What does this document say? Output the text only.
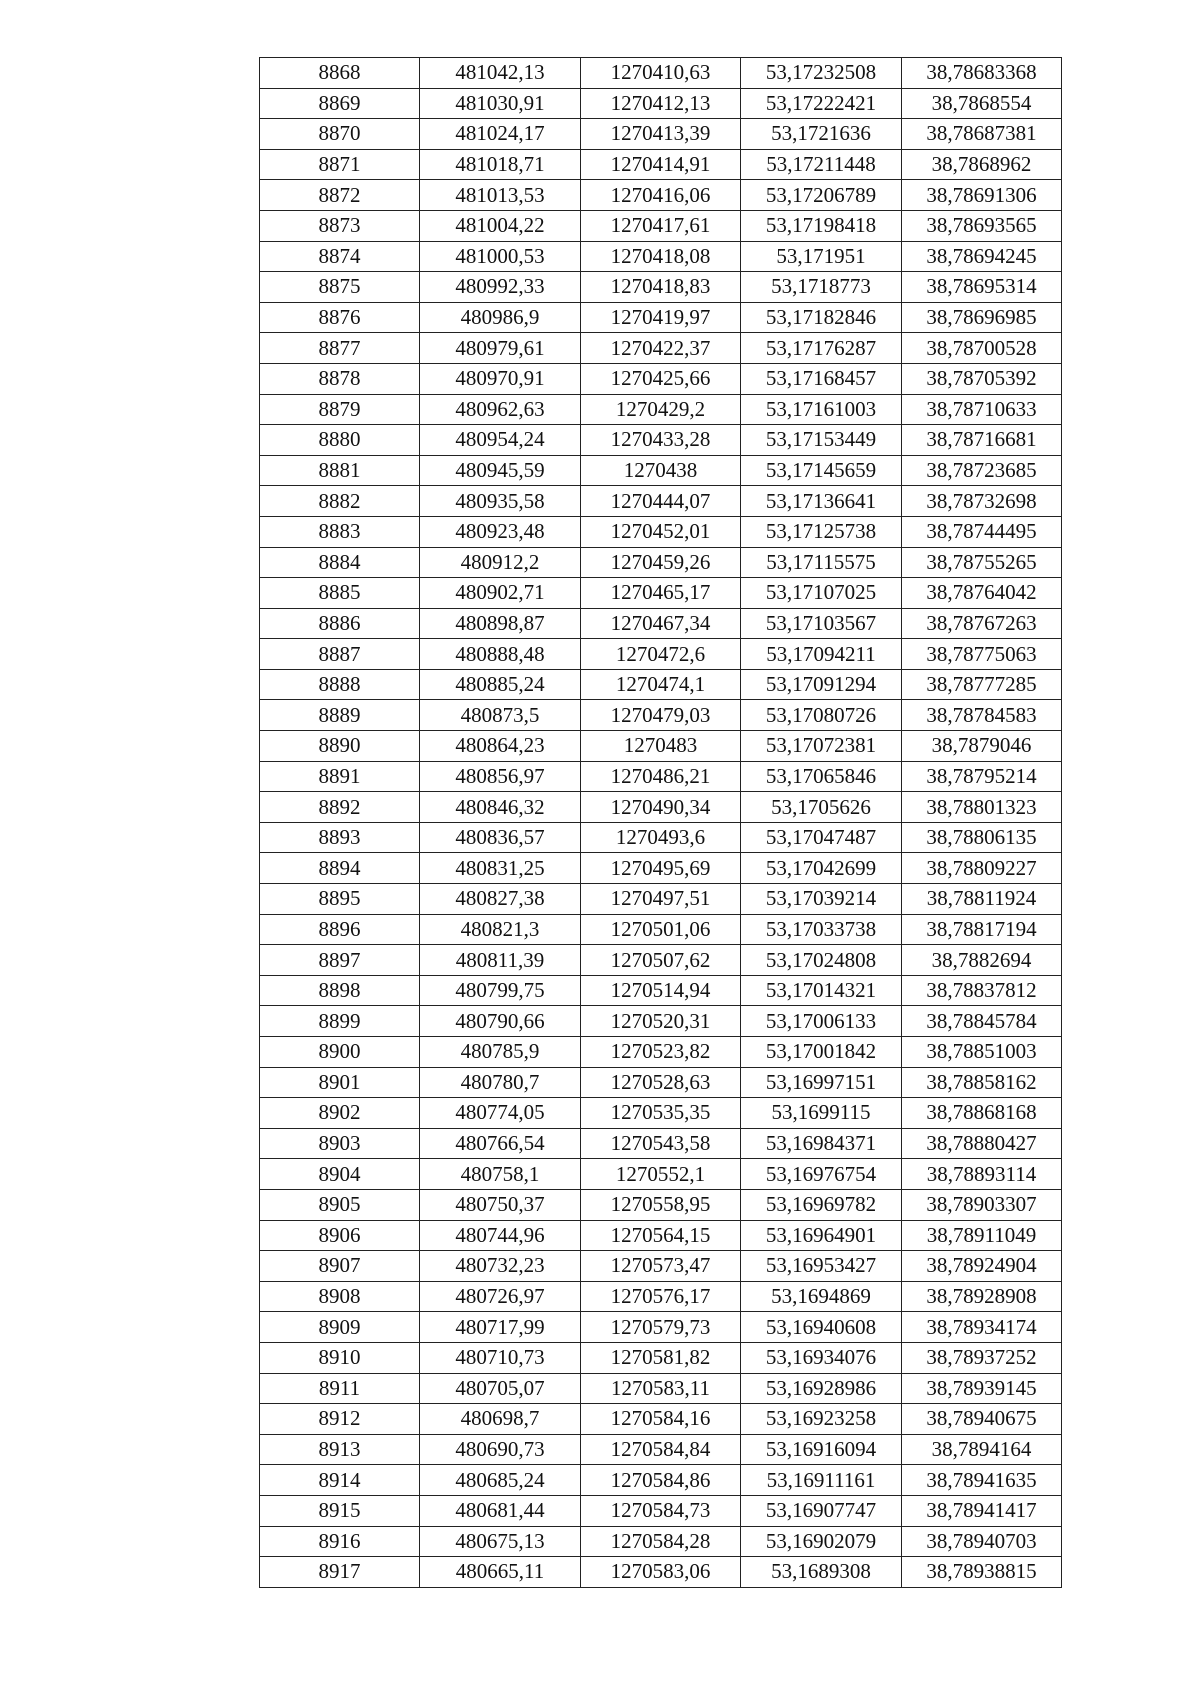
8868	481042,13	1270410,63	53,17232508	38,78683368
8869	481030,91	1270412,13	53,17222421	38,7868554
8870	481024,17	1270413,39	53,1721636	38,78687381
8871	481018,71	1270414,91	53,17211448	38,7868962
8872	481013,53	1270416,06	53,17206789	38,78691306
8873	481004,22	1270417,61	53,17198418	38,78693565
8874	481000,53	1270418,08	53,171951	38,78694245
8875	480992,33	1270418,83	53,1718773	38,78695314
8876	480986,9	1270419,97	53,17182846	38,78696985
8877	480979,61	1270422,37	53,17176287	38,78700528
8878	480970,91	1270425,66	53,17168457	38,78705392
8879	480962,63	1270429,2	53,17161003	38,78710633
8880	480954,24	1270433,28	53,17153449	38,78716681
8881	480945,59	1270438	53,17145659	38,78723685
8882	480935,58	1270444,07	53,17136641	38,78732698
8883	480923,48	1270452,01	53,17125738	38,78744495
8884	480912,2	1270459,26	53,17115575	38,78755265
8885	480902,71	1270465,17	53,17107025	38,78764042
8886	480898,87	1270467,34	53,17103567	38,78767263
8887	480888,48	1270472,6	53,17094211	38,78775063
8888	480885,24	1270474,1	53,17091294	38,78777285
8889	480873,5	1270479,03	53,17080726	38,78784583
8890	480864,23	1270483	53,17072381	38,7879046
8891	480856,97	1270486,21	53,17065846	38,78795214
8892	480846,32	1270490,34	53,1705626	38,78801323
8893	480836,57	1270493,6	53,17047487	38,78806135
8894	480831,25	1270495,69	53,17042699	38,78809227
8895	480827,38	1270497,51	53,17039214	38,78811924
8896	480821,3	1270501,06	53,17033738	38,78817194
8897	480811,39	1270507,62	53,17024808	38,7882694
8898	480799,75	1270514,94	53,17014321	38,78837812
8899	480790,66	1270520,31	53,17006133	38,78845784
8900	480785,9	1270523,82	53,17001842	38,78851003
8901	480780,7	1270528,63	53,16997151	38,78858162
8902	480774,05	1270535,35	53,1699115	38,78868168
8903	480766,54	1270543,58	53,16984371	38,78880427
8904	480758,1	1270552,1	53,16976754	38,78893114
8905	480750,37	1270558,95	53,16969782	38,78903307
8906	480744,96	1270564,15	53,16964901	38,78911049
8907	480732,23	1270573,47	53,16953427	38,78924904
8908	480726,97	1270576,17	53,1694869	38,78928908
8909	480717,99	1270579,73	53,16940608	38,78934174
8910	480710,73	1270581,82	53,16934076	38,78937252
8911	480705,07	1270583,11	53,16928986	38,78939145
8912	480698,7	1270584,16	53,16923258	38,78940675
8913	480690,73	1270584,84	53,16916094	38,7894164
8914	480685,24	1270584,86	53,16911161	38,78941635
8915	480681,44	1270584,73	53,16907747	38,78941417
8916	480675,13	1270584,28	53,16902079	38,78940703
8917	480665,11	1270583,06	53,1689308	38,78938815
